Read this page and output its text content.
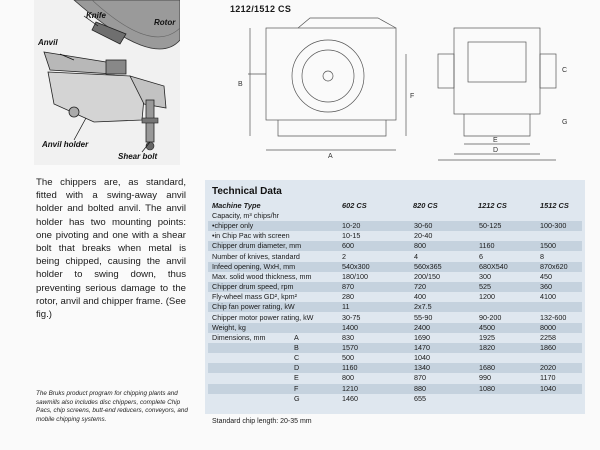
Knife
Rotor
Anvil
Anvil holder
Shear bolt
The chippers are, as standard, fitted with a swing-away anvil holder and bolted anvil. The anvil holder has two mounting points: one pivoting and one with a shear bolt that breaks when metal is being chipped, causing the anvil holder to swing down, thus preventing serious damage to the rotor, anvil and chipper frame. (See fig.)
The Bruks product program for chipping plants and sawmills also includes disc chippers, complete Chip Pacs, chip screens, butt-end reducers, conveyors, and mobile chipping systems.
1212/1512 CS
B
A
F
E
D
C
G
Technical Data
Machine Type	602 CS	820 CS	1212 CS	1512 CS
Capacity, m³ chips/hr
•chipper only	10-20	30-60	50-125	100-300
•in Chip Pac with screen	10-15	20-40
Chipper drum diameter, mm	600	800	1160	1500
Number of knives, standard	2	4	6	8
Infeed opening, WxH, mm	540x300	560x365	680X540	870x620
Max. solid wood thickness, mm	180/100	200/150	300	450
Chipper drum speed, rpm	870	720	525	360
Fly-wheel mass GD², kpm²	280	400	1200	4100
Chip fan power rating, kW	11	2x7.5
Chipper motor power rating, kW	30-75	55-90	90-200	132-600
Weight, kg	1400	2400	4500	8000
Dimensions, mm	A	830	1690	1925	2258
B	1570	1470	1820	1860
C	500	1040
D	1160	1340	1680	2020
E	800	870	990	1170
F	1210	880	1080	1040
G	1460	655
Standard chip length: 20-35 mm
